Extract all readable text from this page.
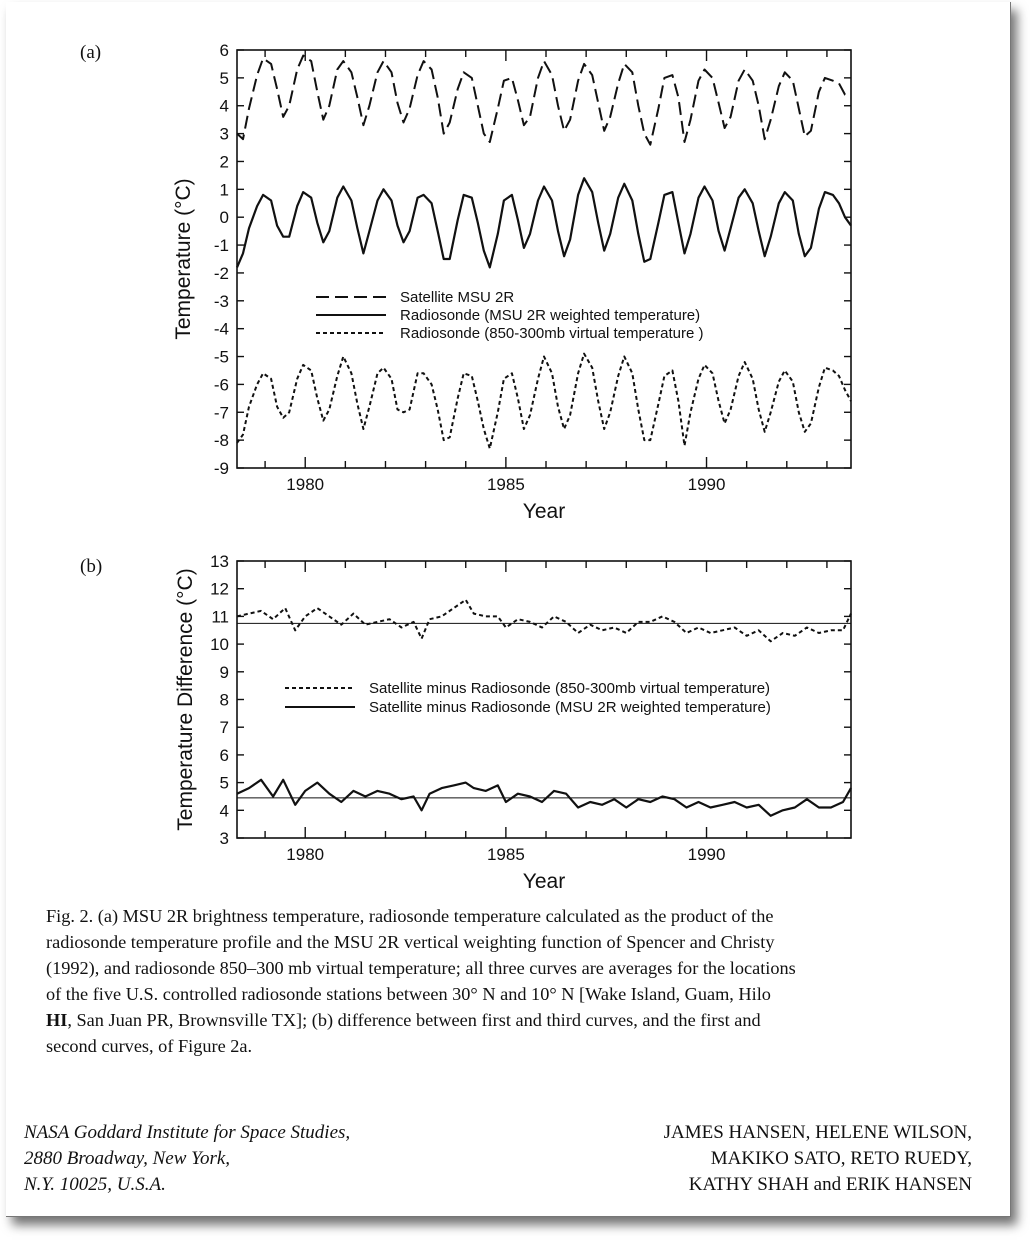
(a)
(b)
6
5
4
3
2
1
0
-1
-2
-3
-4
-5
-6
-7
-8
-9
1980	1985	1990
Year
Temperature (°C)	Satellite MSU 2R
Radiosonde (MSU 2R weighted temperature)
Radiosonde (850-300mb virtual temperature )
13
12
11
10
9
8
7
6
5
4
3
1980	1985	1990
Year
Temperature Difference (°C)	Satellite minus Radiosonde (850-300mb virtual temperature)
Satellite minus Radiosonde (MSU 2R weighted temperature)
Fig. 2. (a) MSU 2R brightness temperature, radiosonde temperature calculated as the product of the
radiosonde temperature profile and the MSU 2R vertical weighting function of Spencer and Christy
(1992), and radiosonde 850–300 mb virtual temperature; all three curves are averages for the locations
of the five U.S. controlled radiosonde stations between 30° N and 10° N [Wake Island, Guam, Hilo
HI, San Juan PR, Brownsville TX]; (b) difference between first and third curves, and the first and
second curves, of Figure 2a.
NASA Goddard Institute for Space Studies,
2880 Broadway, New York,
N.Y. 10025, U.S.A.
JAMES HANSEN, HELENE WILSON,
MAKIKO SATO, RETO RUEDY,
KATHY SHAH and ERIK HANSEN
